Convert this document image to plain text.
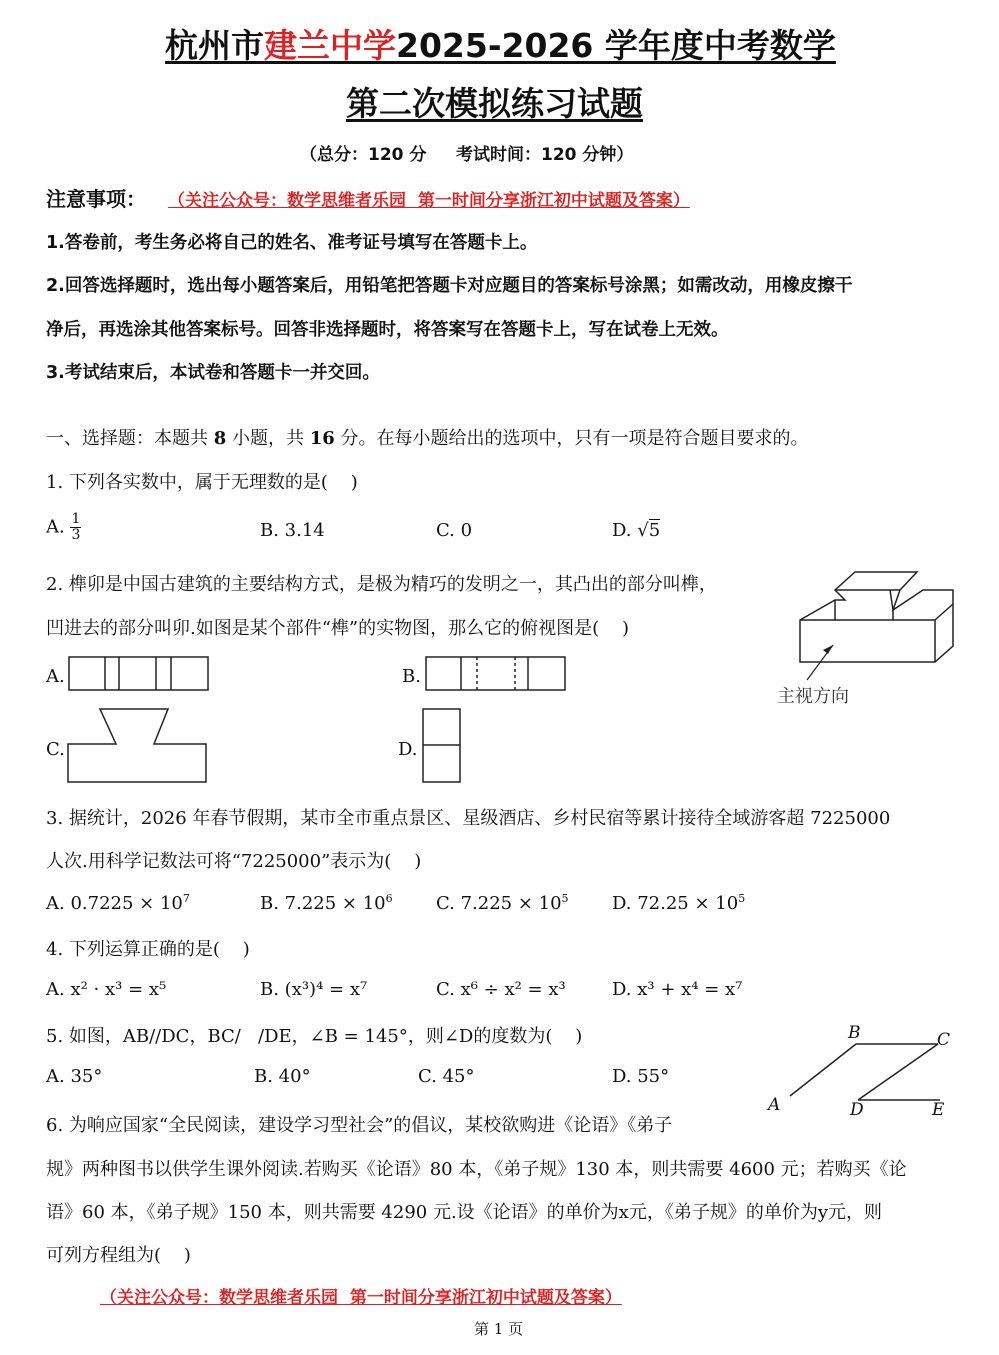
杭州市建兰中学2025-2026 学年度中考数学
第二次模拟练习试题
（总分：120 分     考试时间：120 分钟）
注意事项： （关注公众号：数学思维者乐园  第一时间分享浙江初中试题及答案）
1.答卷前，考生务必将自己的姓名、准考证号填写在答题卡上。
2.回答选择题时，选出每小题答案后，用铅笔把答题卡对应题目的答案标号涂黑；如需改动，用橡皮擦干
净后，再选涂其他答案标号。回答非选择题时，将答案写在答题卡上，写在试卷上无效。
3.考试结束后，本试卷和答题卡一并交回。
一、选择题：本题共 8 小题，共 16 分。在每小题给出的选项中，只有一项是符合题目要求的。
1. 下列各实数中，属于无理数的是(    )
A. $\frac{1}{3}$	B. 3.14	C. 0	D. √5
2. 榫卯是中国古建筑的主要结构方式，是极为精巧的发明之一，其凸出的部分叫榫，
凹进去的部分叫卯.如图是某个部件“榫”的实物图，那么它的俯视图是(    )
主视方向
A.	B.
C.	D.
3. 据统计，2026 年春节假期，某市全市重点景区、星级酒店、乡村民宿等累计接待全域游客超 7225000
人次.用科学记数法可将“7225000”表示为(    )
A. $0.7225 \times 10^7$	B. $7.225 \times 10^6$ C. $7.225 \times 10^5$ D. $72.25 \times 10^5$
4. 下列运算正确的是(    )
A. x² · x³ = x⁵	B. (x³)⁴ = x⁷	C. x⁶ ÷ x² = x³	D. x³ + x⁴ = x⁷
5. 如图，AB//DC，BC/   /DE，∠B = 145°，则∠D的度数为(    )
A. 35°	B. 40°	C. 45°	D. 55°
A
B	C
D	E
6. 为响应国家“全民阅读，建设学习型社会”的倡议，某校欲购进《论语》《弟子
规》两种图书以供学生课外阅读.若购买《论语》80 本，《弟子规》130 本，则共需要 4600 元；若购买《论
语》60 本，《弟子规》150 本，则共需要 4290 元.设《论语》的单价为x元，《弟子规》的单价为y元，则
可列方程组为(    )
（关注公众号：数学思维者乐园  第一时间分享浙江初中试题及答案）
第 1 页
